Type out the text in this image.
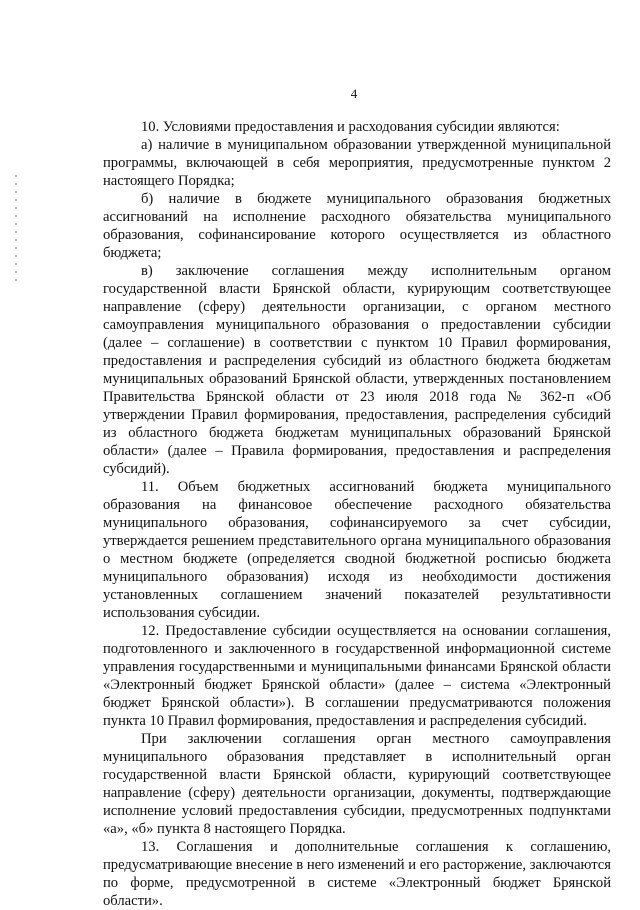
4

10. Условиями предоставления и расходования субсидии являются:

а) наличие в муниципальном образовании утвержденной муниципальной программы, включающей в себя мероприятия, предусмотренные пунктом 2 настоящего Порядка;

б) наличие в бюджете муниципального образования бюджетных ассигнований на исполнение расходного обязательства муниципального образования, софинансирование которого осуществляется из областного бюджета;

в) заключение соглашения между исполнительным органом государственной власти Брянской области, курирующим соответствующее направление (сферу) деятельности организации, с органом местного самоуправления муниципального образования о предоставлении субсидии (далее – соглашение) в соответствии с пунктом 10 Правил формирования, предоставления и распределения субсидий из областного бюджета бюджетам муниципальных образований Брянской области, утвержденных постановлением Правительства Брянской области от 23 июля 2018 года № 362-п «Об утверждении Правил формирования, предоставления, распределения субсидий из областного бюджета бюджетам муниципальных образований Брянской области» (далее – Правила формирования, предоставления и распределения субсидий).

11. Объем бюджетных ассигнований бюджета муниципального образования на финансовое обеспечение расходного обязательства муниципального образования, софинансируемого за счет субсидии, утверждается решением представительного органа муниципального образования о местном бюджете (определяется сводной бюджетной росписью бюджета муниципального образования) исходя из необходимости достижения установленных соглашением значений показателей результативности использования субсидии.

12. Предоставление субсидии осуществляется на основании соглашения, подготовленного и заключенного в государственной информационной системе управления государственными и муниципальными финансами Брянской области «Электронный бюджет Брянской области» (далее – система «Электронный бюджет Брянской области»). В соглашении предусматриваются положения пункта 10 Правил формирования, предоставления и распределения субсидий.

При заключении соглашения орган местного самоуправления муниципального образования представляет в исполнительный орган государственной власти Брянской области, курирующий соответствующее направление (сферу) деятельности организации, документы, подтверждающие исполнение условий предоставления субсидии, предусмотренных подпунктами «а», «б» пункта 8 настоящего Порядка.

13. Соглашения и дополнительные соглашения к соглашению, предусматривающие внесение в него изменений и его расторжение, заключаются по форме, предусмотренной в системе «Электронный бюджет Брянской области».
